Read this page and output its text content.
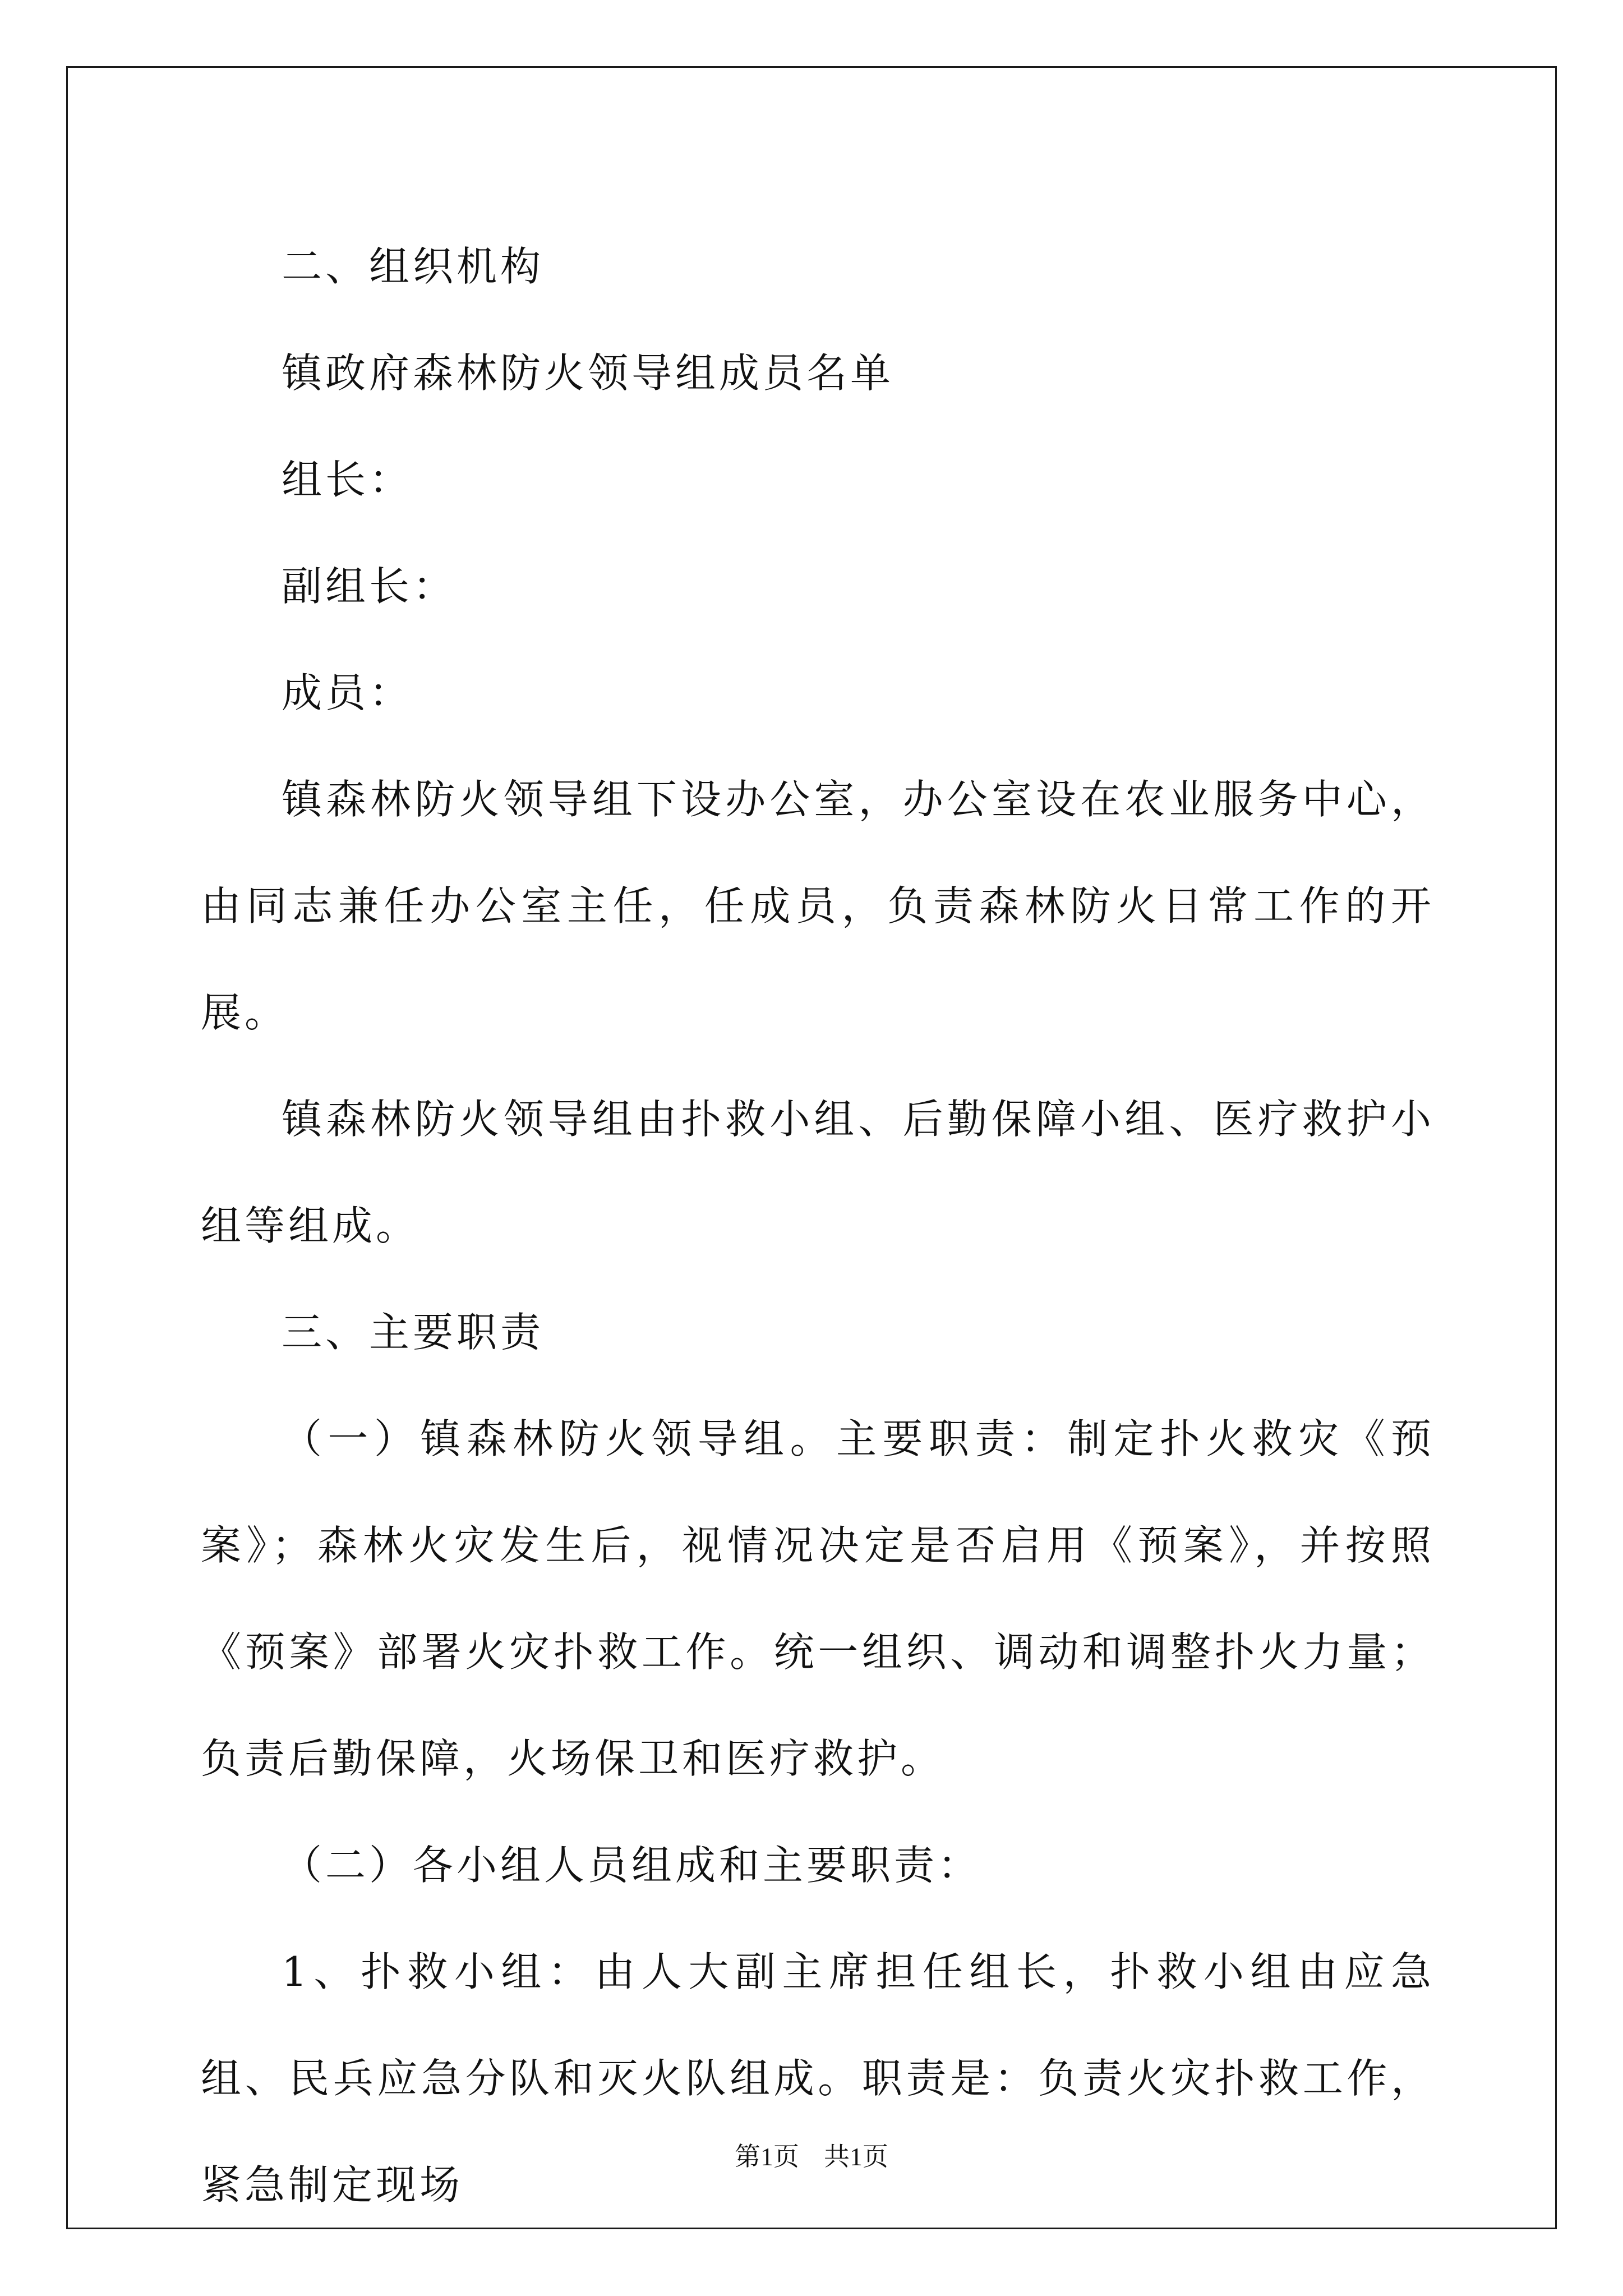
二、组织机构

镇政府森林防火领导组成员名单

组长：

副组长：

成员：

镇森林防火领导组下设办公室，办公室设在农业服务中心，由同志兼任办公室主任，任成员，负责森林防火日常工作的开展。

镇森林防火领导组由扑救小组、后勤保障小组、医疗救护小组等组成。

三、主要职责

（一）镇森林防火领导组。主要职责：制定扑火救灾《预案》；森林火灾发生后，视情况决定是否启用《预案》，并按照《预案》部署火灾扑救工作。统一组织、调动和调整扑火力量；负责后勤保障，火场保卫和医疗救护。

（二）各小组人员组成和主要职责：

1、扑救小组：由人大副主席担任组长，扑救小组由应急组、民兵应急分队和灭火队组成。职责是：负责火灾扑救工作，紧急制定现场

第1页 共1页
